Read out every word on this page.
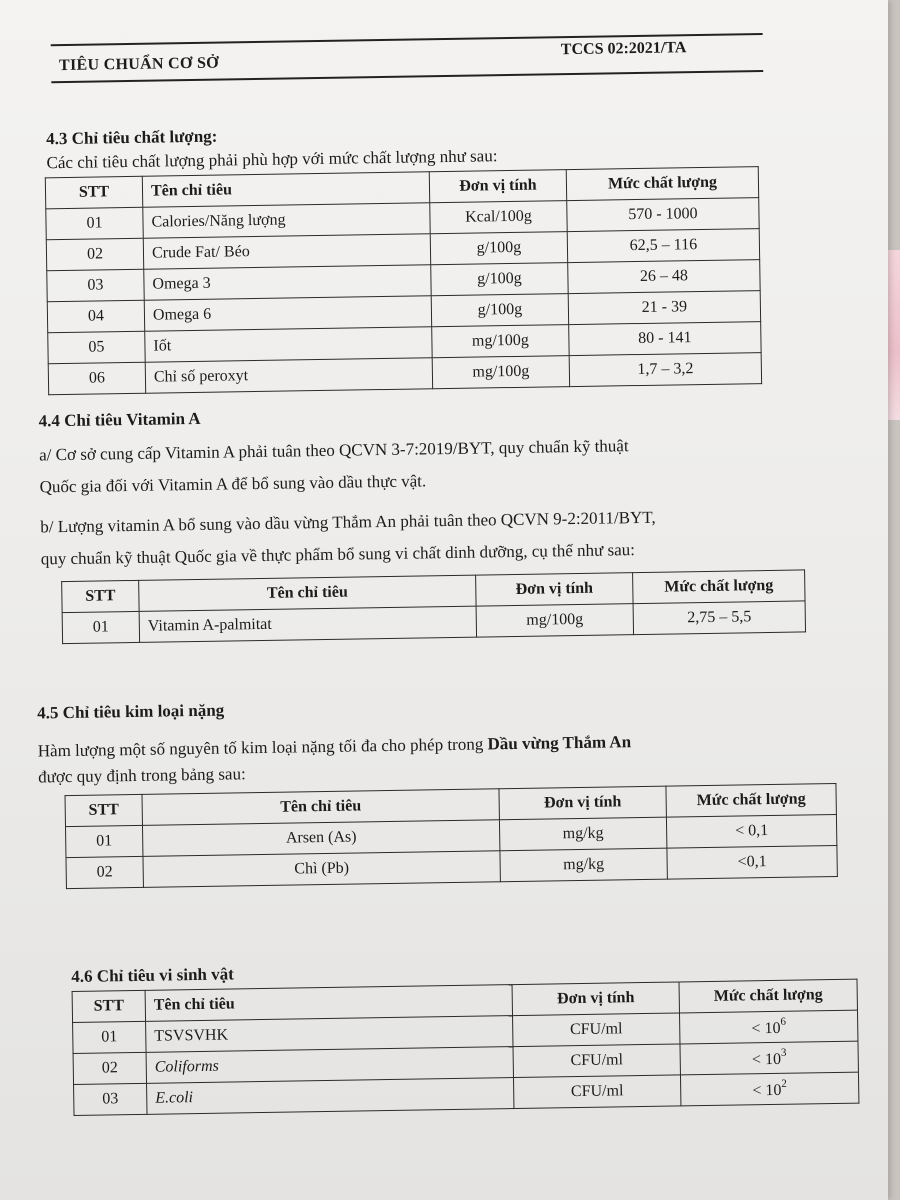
TIÊU CHUẨN CƠ SỞ
TCCS 02:2021/TA
4.3 Chỉ tiêu chất lượng:
Các chỉ tiêu chất lượng phải phù hợp với mức chất lượng như sau:
STT	Tên chỉ tiêu	Đơn vị tính	Mức chất lượng
01	Calories/Năng lượng	Kcal/100g	570 - 1000
02	Crude Fat/ Béo	g/100g	62,5 – 116
03	Omega 3	g/100g	26 – 48
04	Omega 6	g/100g	21 - 39
05	Iốt	mg/100g	80 - 141
06	Chỉ số peroxyt	mg/100g	1,7 – 3,2
4.4 Chỉ tiêu Vitamin A
a/ Cơ sở cung cấp Vitamin A phải tuân theo QCVN 3-7:2019/BYT, quy chuẩn kỹ thuật
Quốc gia đối với Vitamin A để bổ sung vào dầu thực vật.
b/ Lượng vitamin A bổ sung vào dầu vừng Thắm An phải tuân theo QCVN 9-2:2011/BYT,
quy chuẩn kỹ thuật Quốc gia về thực phẩm bổ sung vi chất dinh dưỡng, cụ thể như sau:
STT	Tên chỉ tiêu	Đơn vị tính	Mức chất lượng
01	Vitamin A-palmitat	mg/100g	2,75 – 5,5
4.5 Chỉ tiêu kim loại nặng
Hàm lượng một số nguyên tố kim loại nặng tối đa cho phép trong Dầu vừng Thắm An
được quy định trong bảng sau:
STT	Tên chỉ tiêu	Đơn vị tính	Mức chất lượng
01	Arsen (As)	mg/kg	< 0,1
02	Chì (Pb)	mg/kg	<0,1
4.6 Chỉ tiêu vi sinh vật
STT	Tên chỉ tiêu	Đơn vị tính	Mức chất lượng
01	TSVSVHK	CFU/ml	< $10^6$
02	Coliforms	CFU/ml	< $10^3$
03	E.coli	CFU/ml	< $10^2$
